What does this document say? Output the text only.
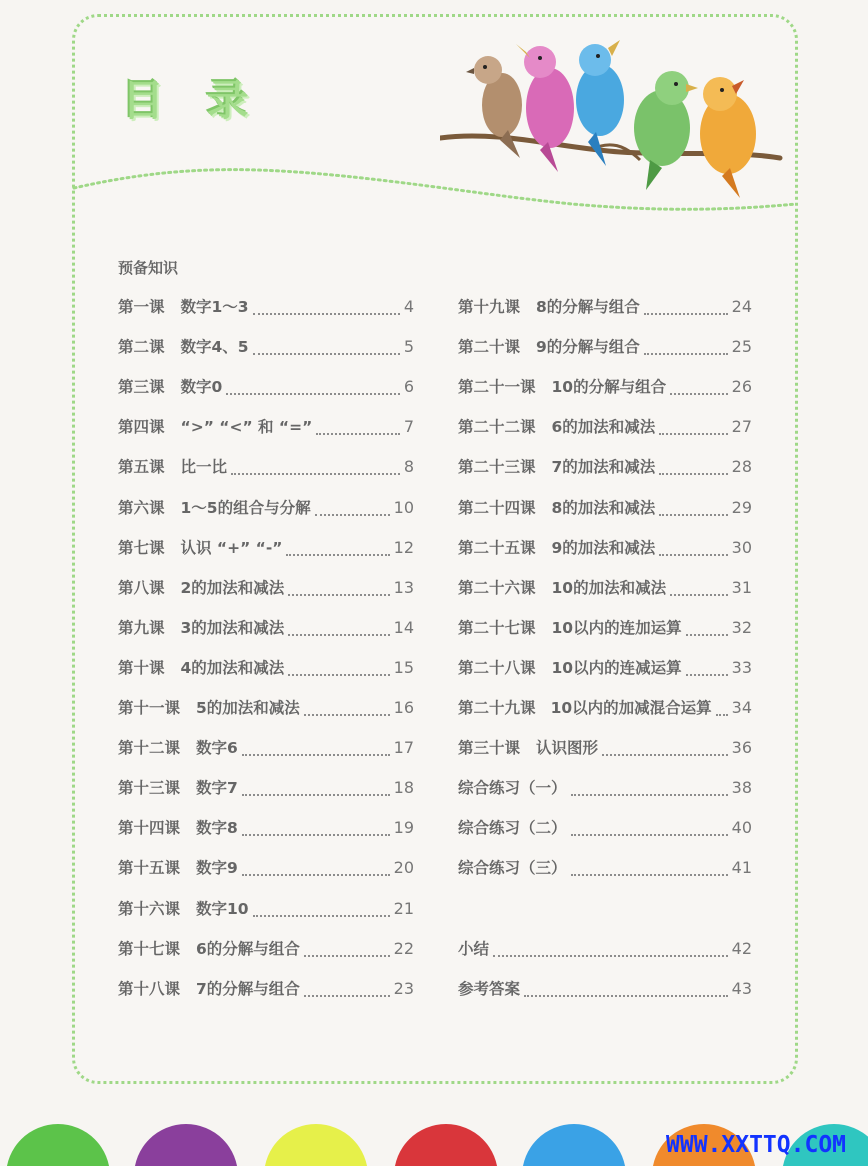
目 录
预备知识
第一课 数字1～3	4
第二课 数字4、5	5
第三课 数字0	6
第四课 “>” “<” 和 “=”	7
第五课 比一比	8
第六课 1～5的组合与分解	10
第七课 认识 “+” “-”	12
第八课 2的加法和减法	13
第九课 3的加法和减法	14
第十课 4的加法和减法	15
第十一课 5的加法和减法	16
第十二课 数字6	17
第十三课 数字7	18
第十四课 数字8	19
第十五课 数字9	20
第十六课 数字10	21
第十七课 6的分解与组合	22
第十八课 7的分解与组合	23
第十九课 8的分解与组合	24
第二十课 9的分解与组合	25
第二十一课 10的分解与组合	26
第二十二课 6的加法和减法	27
第二十三课 7的加法和减法	28
第二十四课 8的加法和减法	29
第二十五课 9的加法和减法	30
第二十六课 10的加法和减法	31
第二十七课 10以内的连加运算	32
第二十八课 10以内的连减运算	33
第二十九课 10以内的加减混合运算 34
第三十课 认识图形	36
综合练习（一）	38
综合练习（二）	40
综合练习（三）	41
小结	42
参考答案	43
WWW.XXTTQ.COM
